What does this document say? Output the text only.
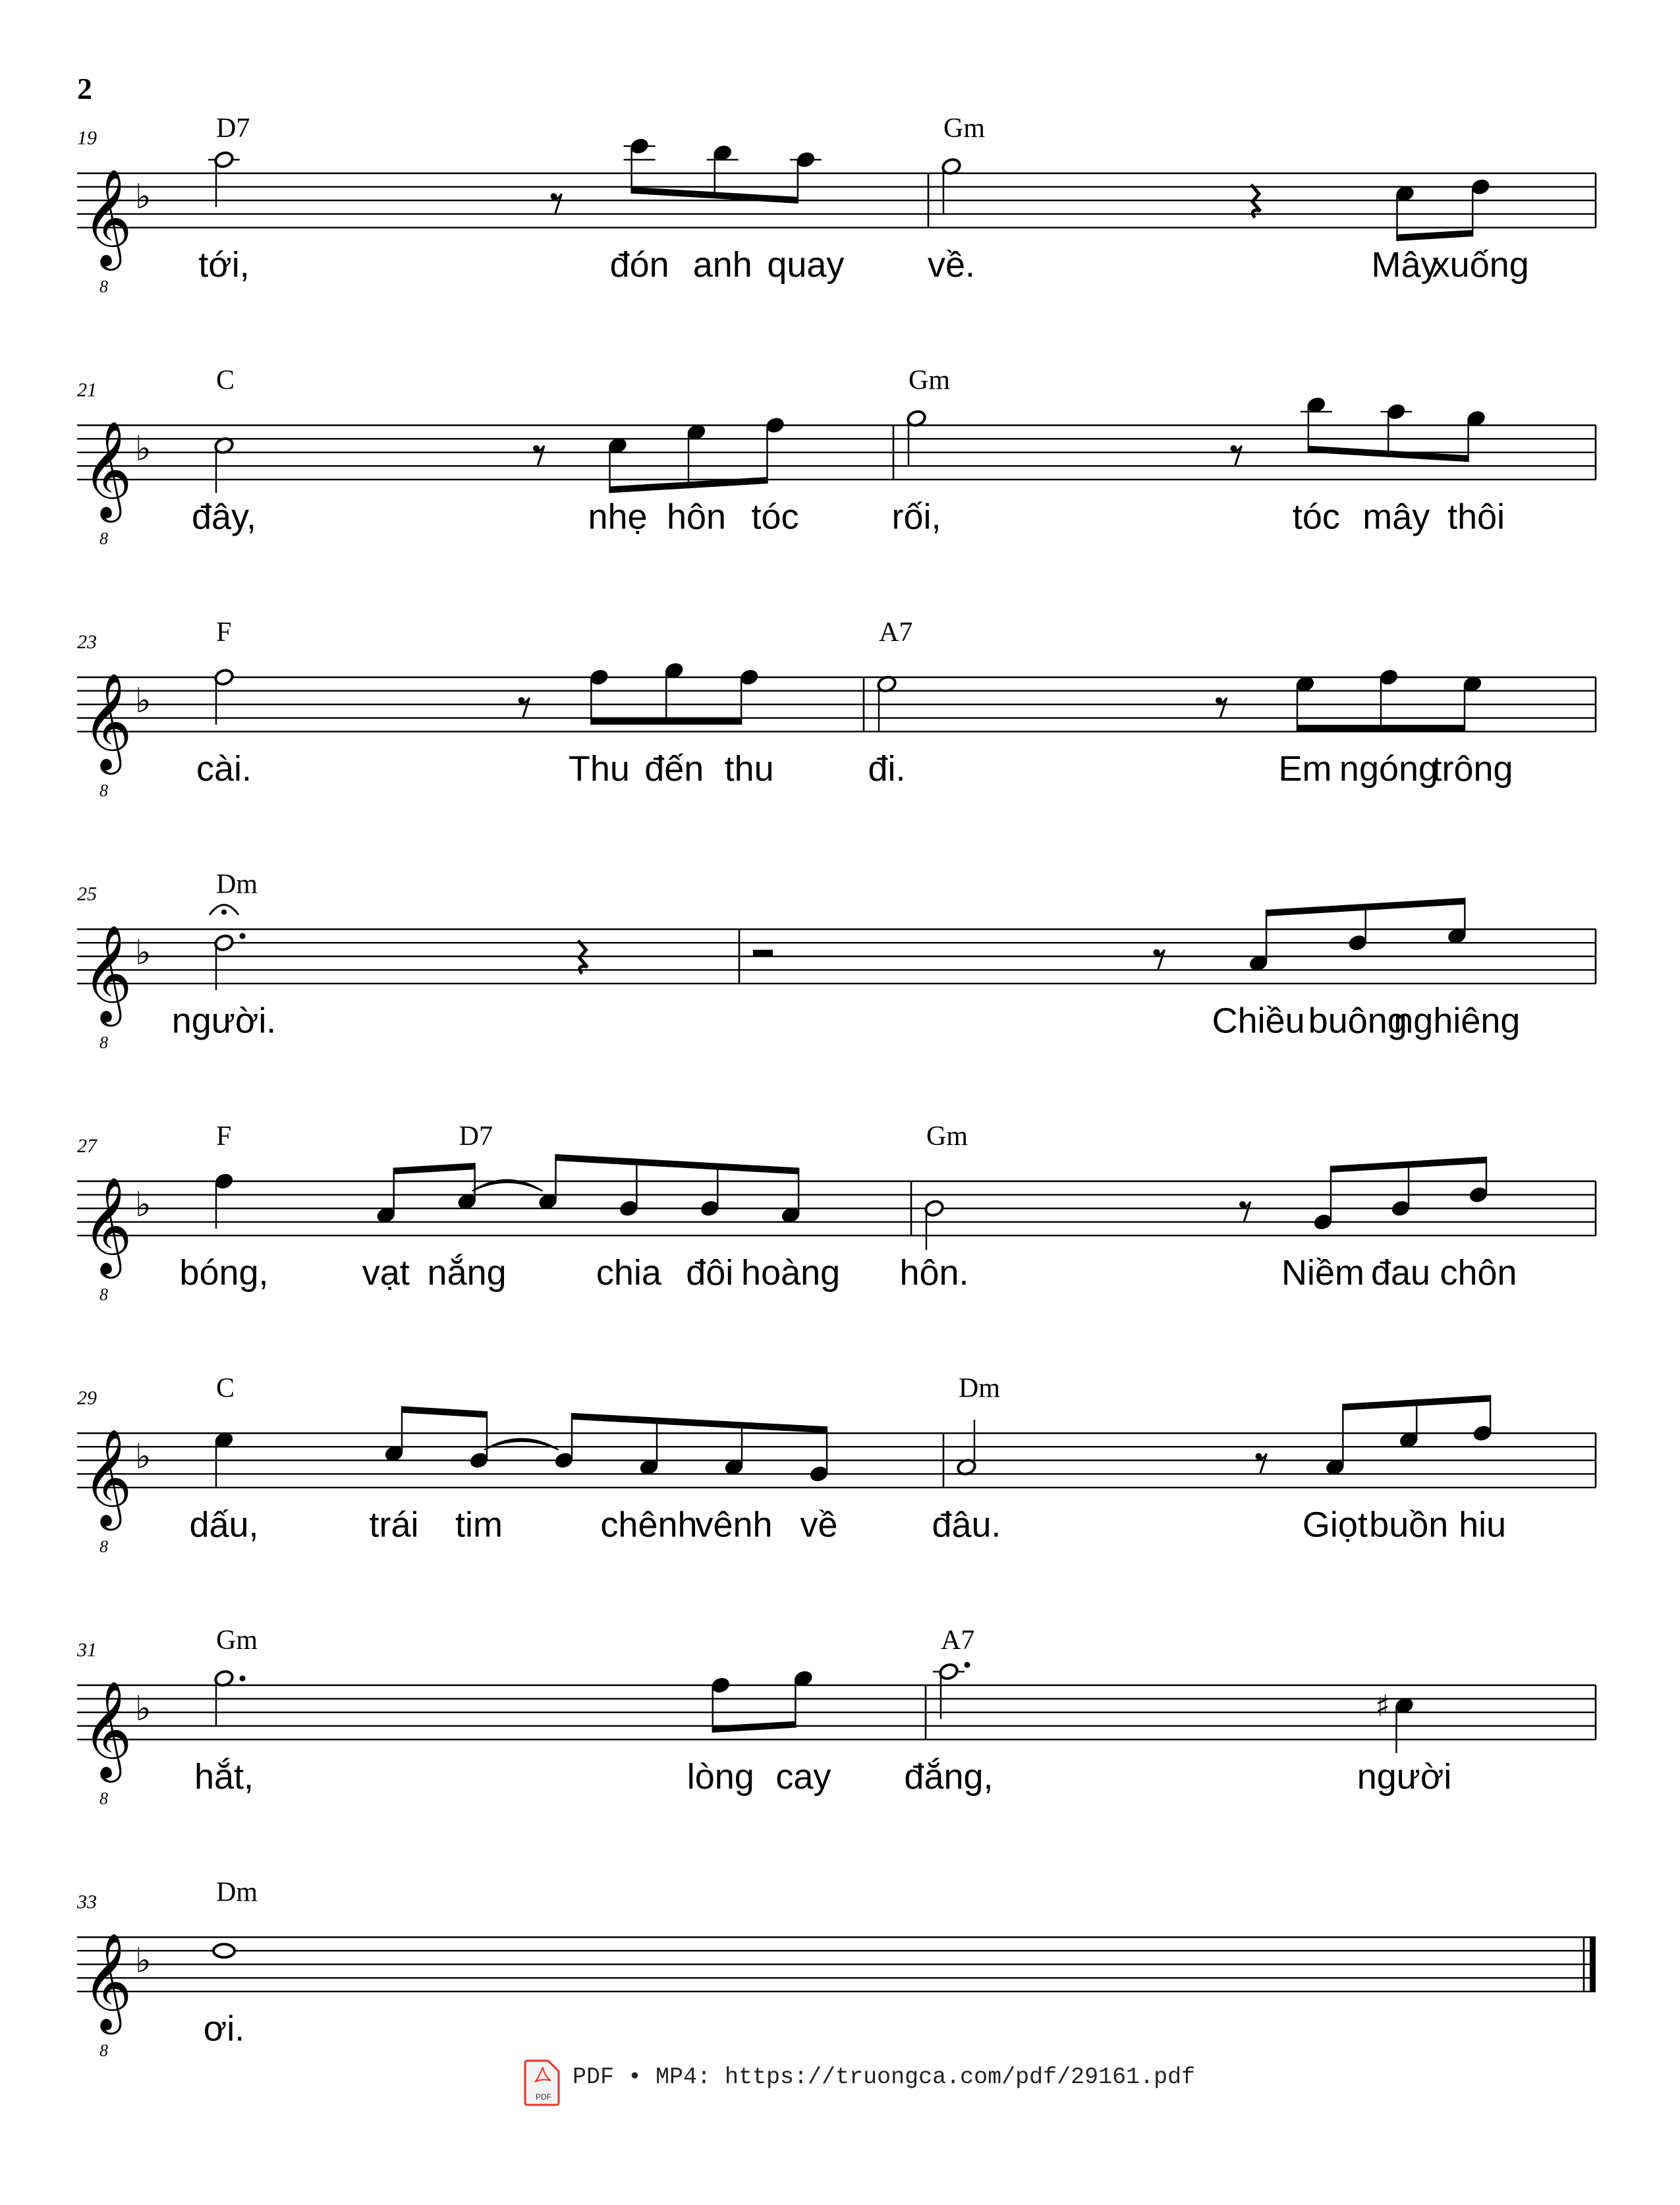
2
𝄞
8
♭
19	D7
tới,	đón anh quay
Gm
về.	Mây
xuống
𝄞
8
♭
21	C
đây,	nhẹ hôn tóc
Gm
rối,	tóc mây thôi
𝄞
8
♭
23	F
cài.	Thu đến thu
A7
đi.	Em ngóng
trông
𝄞
8
♭
25	Dm
người.	Chiều buông
nghiêng
𝄞
8
♭
27	F
bóng,	vạt
D7
nắng	chia đôi hoàng
Gm
hôn.	Niềm đau chôn
𝄞
8
♭
29	C
dấu,	trái tim	chênh
vênh về
Dm
đâu.	Giọt buồn hiu
𝄞
8
♭
31	Gm
hắt,	lòng cay
A7
đắng,
♯
người
𝄞
8
♭
33	Dm
ơi.
PDF
PDF • MP4: https://truongca.com/pdf/29161.pdf
